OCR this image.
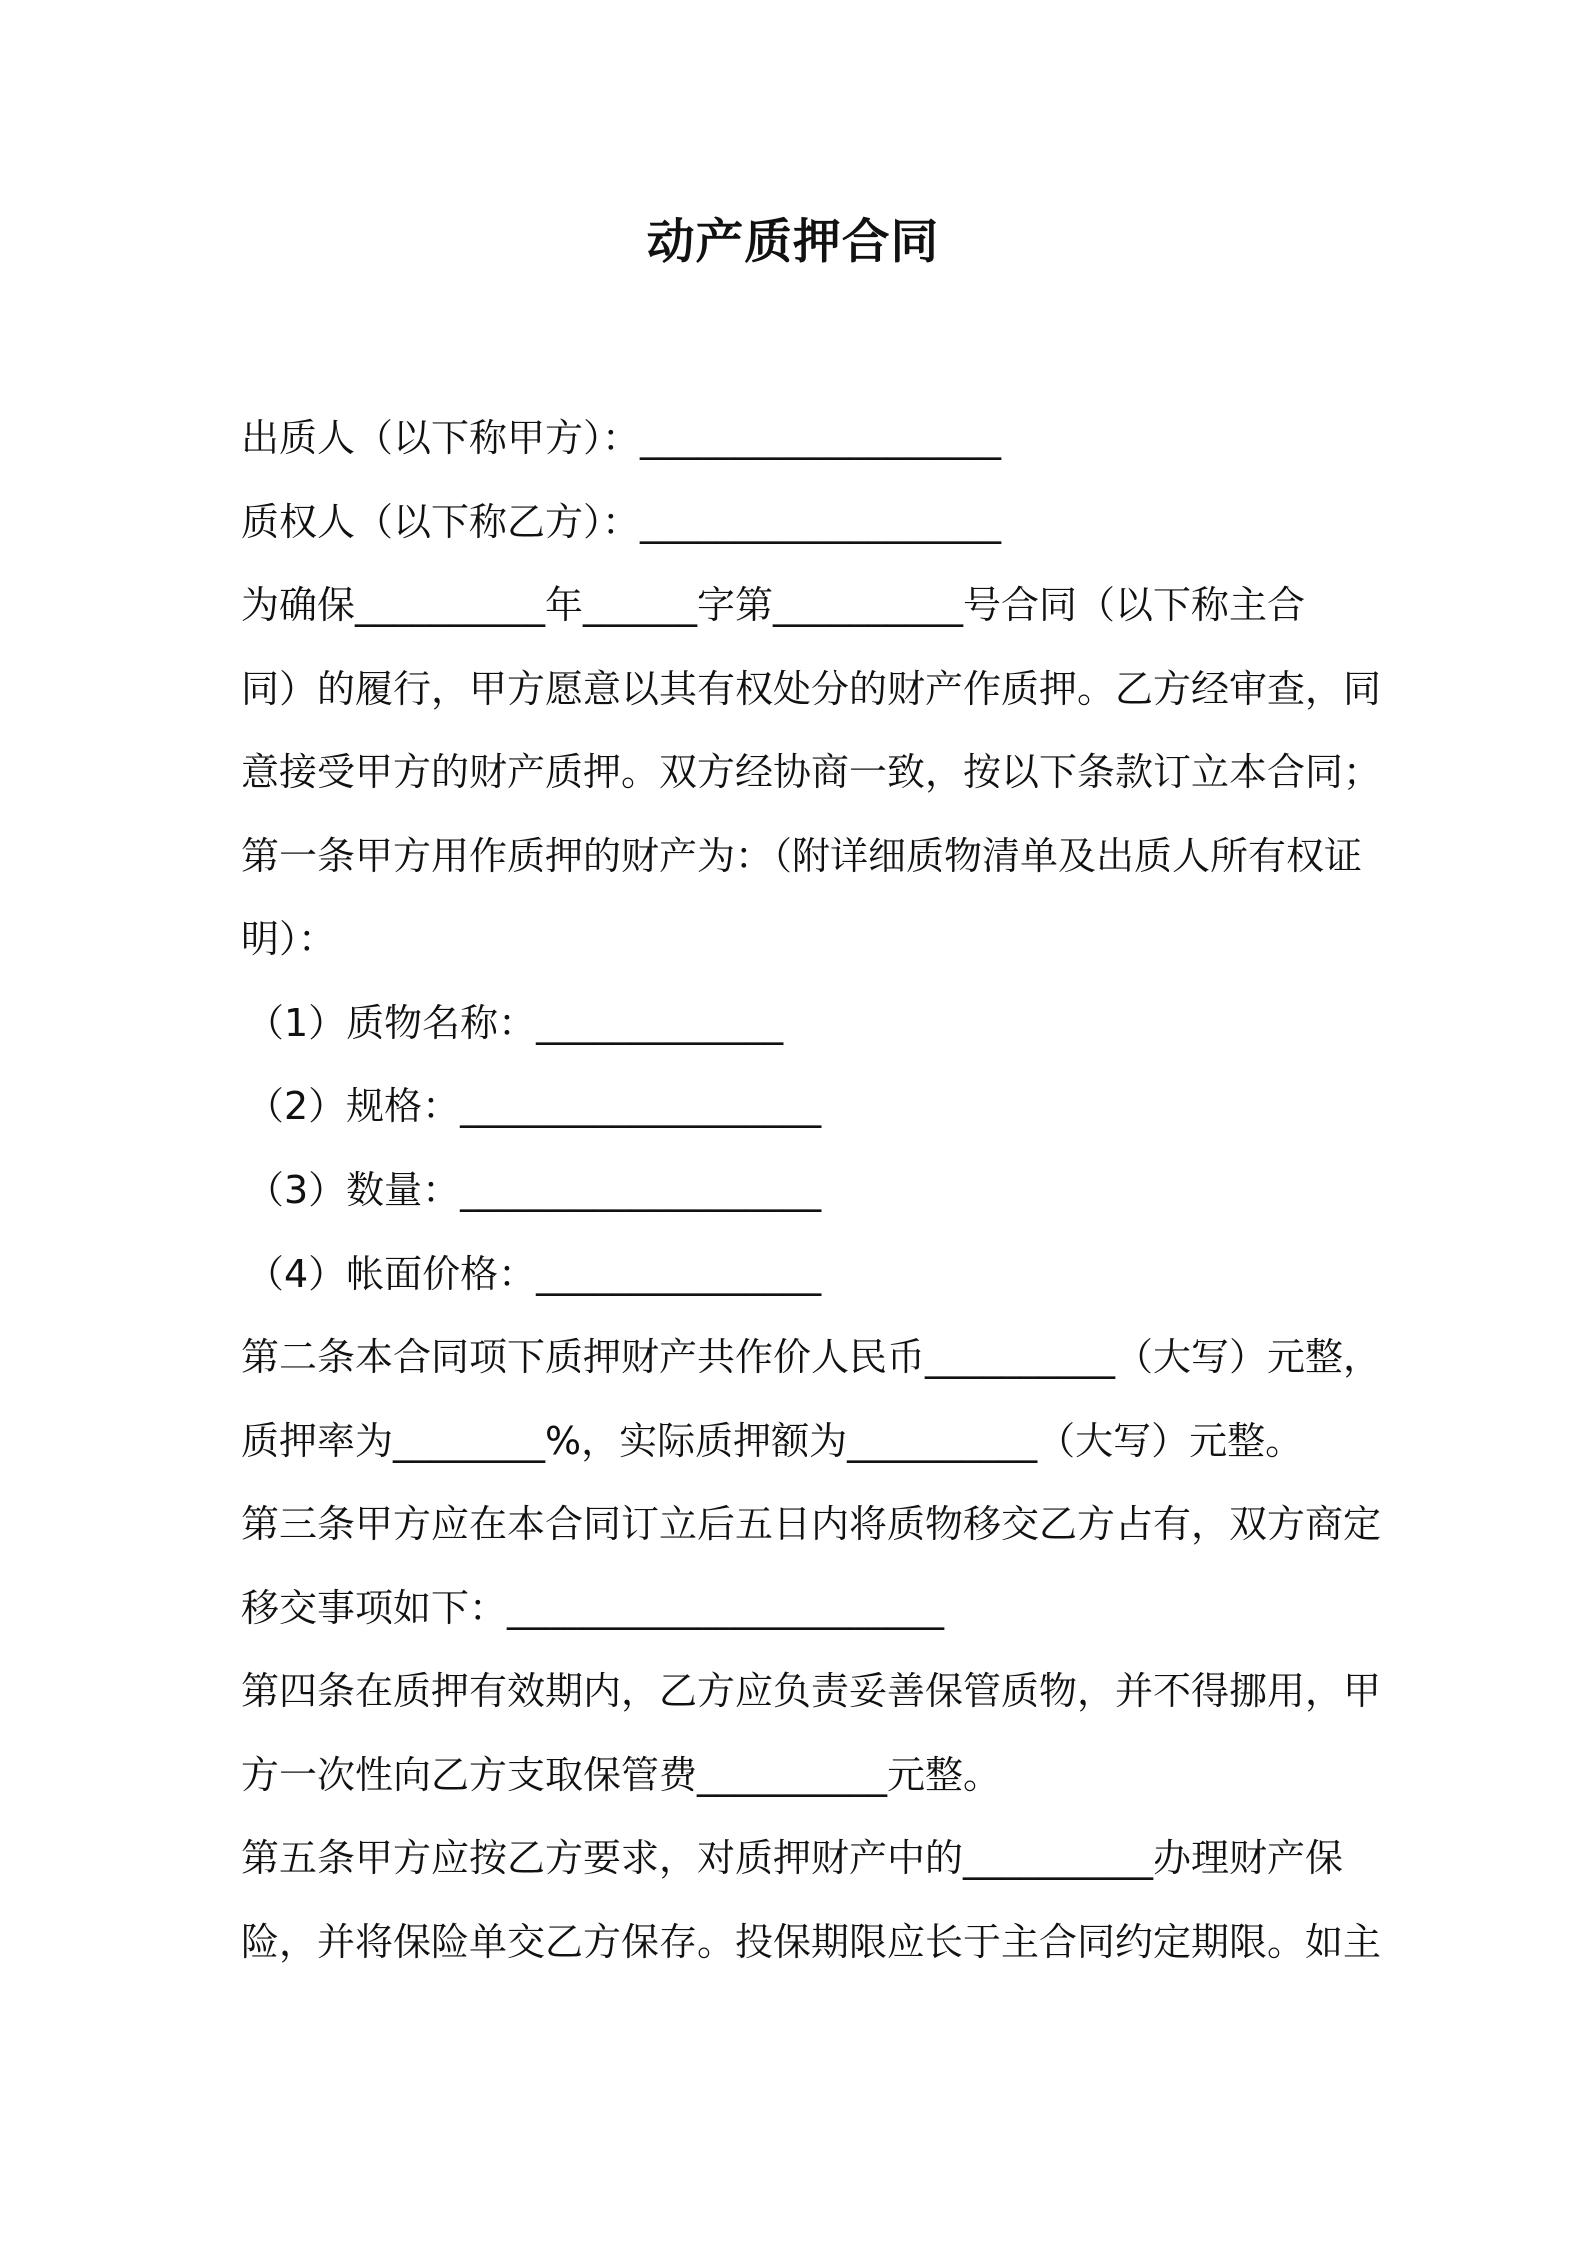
动产质押合同
出质人（以下称甲方）：___________________
质权人（以下称乙方）：___________________
为确保__________年______字第__________号合同（以下称主合
同）的履行，甲方愿意以其有权处分的财产作质押。乙方经审查，同
意接受甲方的财产质押。双方经协商一致，按以下条款订立本合同；
第一条甲方用作质押的财产为：（附详细质物清单及出质人所有权证
明）：
（1）质物名称：_____________
（2）规格：___________________
（3）数量：___________________
（4）帐面价格：_______________
第二条本合同项下质押财产共作价人民币__________（大写）元整，
质押率为________%，实际质押额为__________（大写）元整。
第三条甲方应在本合同订立后五日内将质物移交乙方占有，双方商定
移交事项如下：_______________________
第四条在质押有效期内，乙方应负责妥善保管质物，并不得挪用，甲
方一次性向乙方支取保管费__________元整。
第五条甲方应按乙方要求，对质押财产中的__________办理财产保
险，并将保险单交乙方保存。投保期限应长于主合同约定期限。如主
